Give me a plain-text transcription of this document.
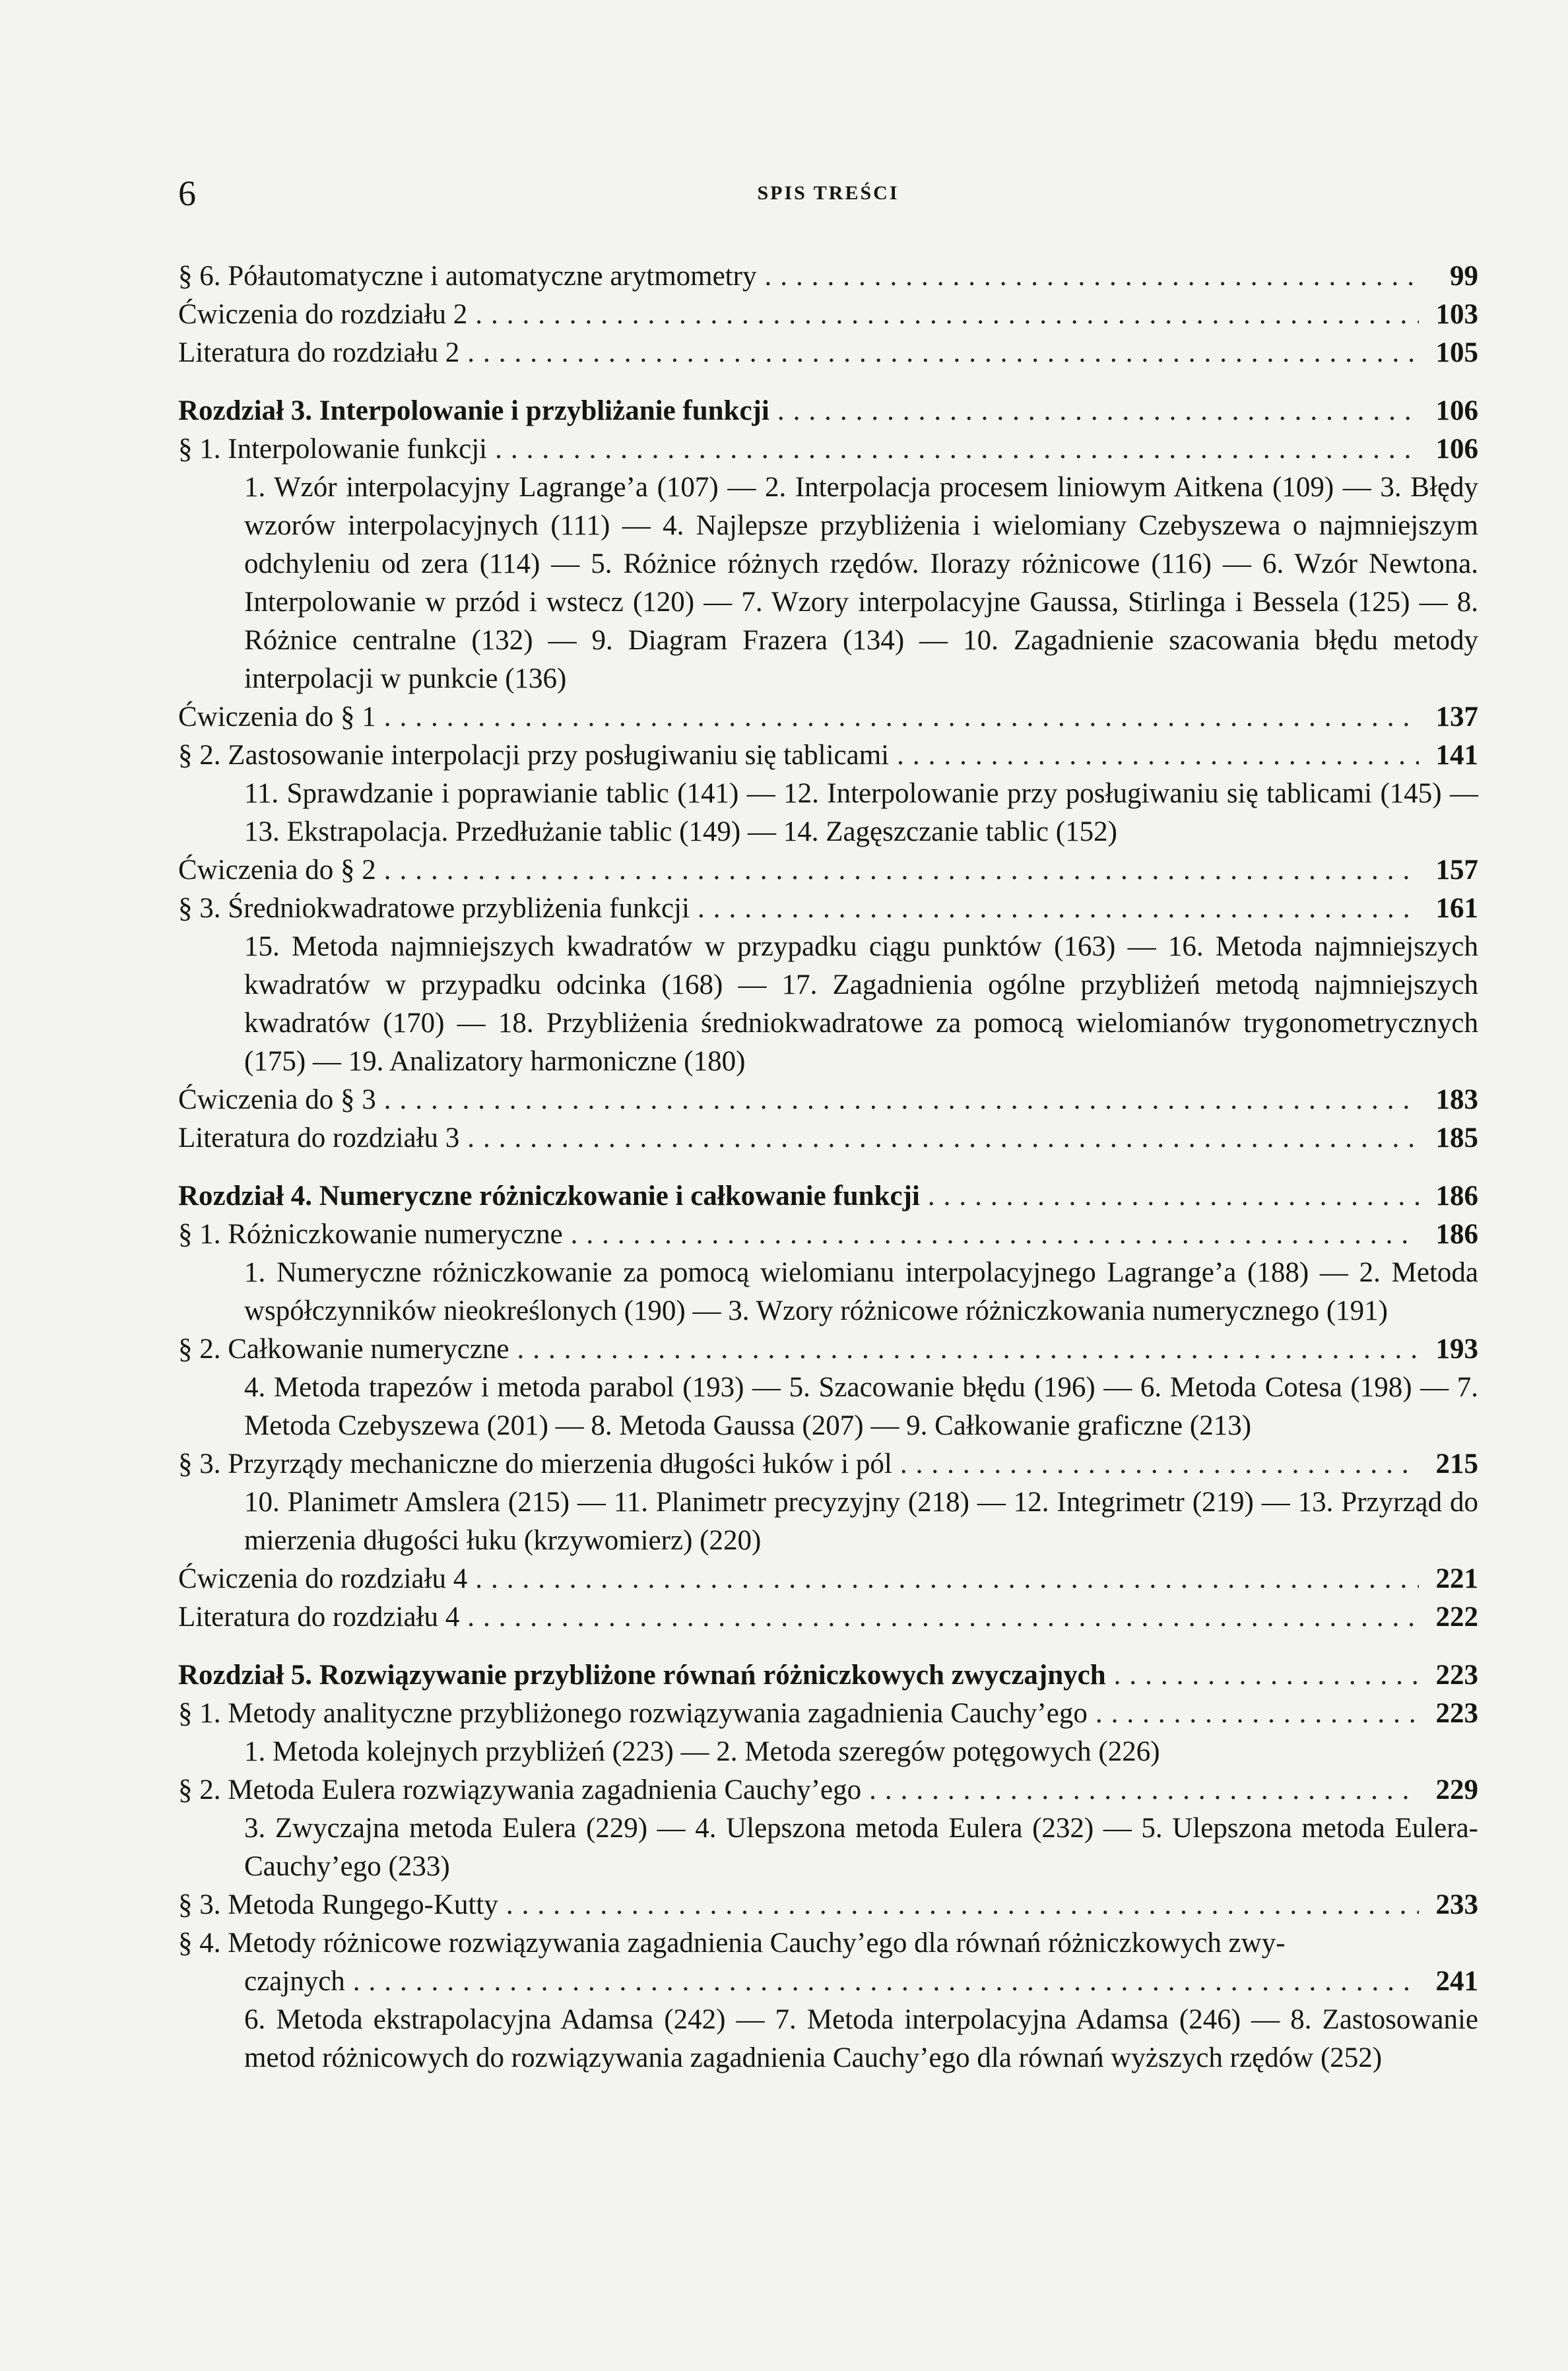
6	SPIS TREŚCI
§ 6. Półautomatyczne i automatyczne arytmometry .....	99
Ćwiczenia do rozdziału 2 .....	103
Literatura do rozdziału 2 .....	105
Rozdział 3. Interpolowanie i przybliżanie funkcji .....	106
§ 1. Interpolowanie funkcji .....	106
1. Wzór interpolacyjny Lagrange’a (107) — 2. Interpolacja procesem liniowym Aitkena (109) — 3. Błędy wzorów interpolacyjnych (111) — 4. Najlepsze przybliżenia i wielomiany Czebyszewa o najmniejszym odchyleniu od zera (114) — 5. Różnice różnych rzędów. Ilorazy różnicowe (116) — 6. Wzór Newtona. Interpolowanie w przód i wstecz (120) — 7. Wzory interpolacyjne Gaussa, Stirlinga i Bessela (125) — 8. Różnice centralne (132) — 9. Diagram Frazera (134) — 10. Zagadnienie szacowania błędu metody interpolacji w punkcie (136)
Ćwiczenia do § 1 .....	137
§ 2. Zastosowanie interpolacji przy posługiwaniu się tablicami .....	141
11. Sprawdzanie i poprawianie tablic (141) — 12. Interpolowanie przy posługiwaniu się tablicami (145) — 13. Ekstrapolacja. Przedłużanie tablic (149) — 14. Zagęszczanie tablic (152)
Ćwiczenia do § 2 .....	157
§ 3. Średniokwadratowe przybliżenia funkcji .....	161
15. Metoda najmniejszych kwadratów w przypadku ciągu punktów (163) — 16. Metoda najmniejszych kwadratów w przypadku odcinka (168) — 17. Zagadnienia ogólne przybliżeń metodą najmniejszych kwadratów (170) — 18. Przybliżenia średniokwadratowe za pomocą wielomianów trygonometrycznych (175) — 19. Analizatory harmoniczne (180)
Ćwiczenia do § 3 .....	183
Literatura do rozdziału 3 .....	185
Rozdział 4. Numeryczne różniczkowanie i całkowanie funkcji .....	186
§ 1. Różniczkowanie numeryczne .....	186
1. Numeryczne różniczkowanie za pomocą wielomianu interpolacyjnego Lagrange’a (188) — 2. Metoda współczynników nieokreślonych (190) — 3. Wzory różnicowe różniczkowania numerycznego (191)
§ 2. Całkowanie numeryczne .....	193
4. Metoda trapezów i metoda parabol (193) — 5. Szacowanie błędu (196) — 6. Metoda Cotesa (198) — 7. Metoda Czebyszewa (201) — 8. Metoda Gaussa (207) — 9. Całkowanie graficzne (213)
§ 3. Przyrządy mechaniczne do mierzenia długości łuków i pól .....	215
10. Planimetr Amslera (215) — 11. Planimetr precyzyjny (218) — 12. Integrimetr (219) — 13. Przyrząd do mierzenia długości łuku (krzywomierz) (220)
Ćwiczenia do rozdziału 4 .....	221
Literatura do rozdziału 4 .....	222
Rozdział 5. Rozwiązywanie przybliżone równań różniczkowych zwyczajnych .....	223
§ 1. Metody analityczne przybliżonego rozwiązywania zagadnienia Cauchy’ego .....	223
1. Metoda kolejnych przybliżeń (223) — 2. Metoda szeregów potęgowych (226)
§ 2. Metoda Eulera rozwiązywania zagadnienia Cauchy’ego .....	229
3. Zwyczajna metoda Eulera (229) — 4. Ulepszona metoda Eulera (232) — 5. Ulepszona metoda Eulera-Cauchy’ego (233)
§ 3. Metoda Rungego-Kutty .....	233
§ 4. Metody różnicowe rozwiązywania zagadnienia Cauchy’ego dla równań różniczkowych zwy-
czajnych .....	241
6. Metoda ekstrapolacyjna Adamsa (242) — 7. Metoda interpolacyjna Adamsa (246) — 8. Zastosowanie metod różnicowych do rozwiązywania zagadnienia Cauchy’ego dla równań wyższych rzędów (252)
